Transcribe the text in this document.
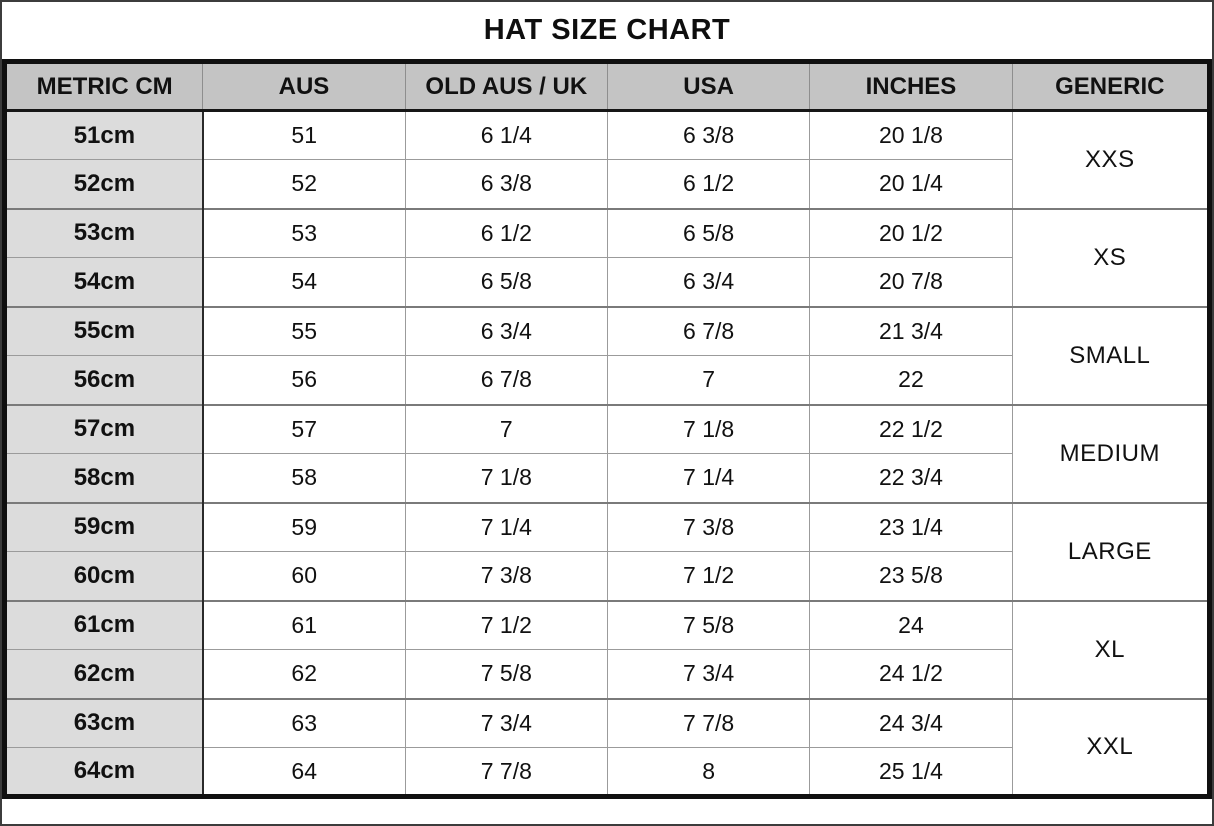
HAT SIZE CHART
METRIC CM	AUS	OLD AUS / UK	USA	INCHES	GENERIC
51cm	51	6 1/4	6 3/8	20 1/8	XXS
52cm	52	6 3/8	6 1/2	20 1/4	
53cm	53	6 1/2	6 5/8	20 1/2	XS
54cm	54	6 5/8	6 3/4	20 7/8	
55cm	55	6 3/4	6 7/8	21 3/4	SMALL
56cm	56	6 7/8	7	22	
57cm	57	7	7 1/8	22 1/2	MEDIUM
58cm	58	7 1/8	7 1/4	22 3/4	
59cm	59	7 1/4	7 3/8	23 1/4	LARGE
60cm	60	7 3/8	7 1/2	23 5/8	
61cm	61	7 1/2	7 5/8	24	XL
62cm	62	7 5/8	7 3/4	24 1/2	
63cm	63	7 3/4	7 7/8	24 3/4	XXL
64cm	64	7 7/8	8	25 1/4	
